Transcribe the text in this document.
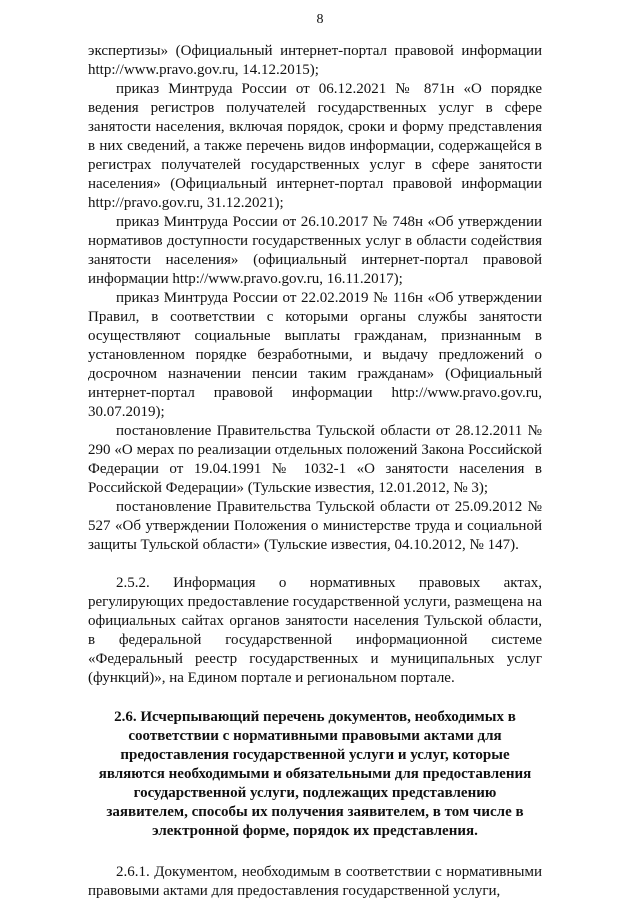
8

экспертизы» (Официальный интернет-портал правовой информации http://www.pravo.gov.ru, 14.12.2015);

приказ Минтруда России от 06.12.2021 № 871н «О порядке ведения регистров получателей государственных услуг в сфере занятости населения, включая порядок, сроки и форму представления в них сведений, а также перечень видов информации, содержащейся в регистрах получателей государственных услуг в сфере занятости населения» (Официальный интернет-портал правовой информации http://pravo.gov.ru, 31.12.2021);

приказ Минтруда России от 26.10.2017 № 748н «Об утверждении нормативов доступности государственных услуг в области содействия занятости населения» (официальный интернет-портал правовой информации http://www.pravo.gov.ru, 16.11.2017);

приказ Минтруда России от 22.02.2019 № 116н «Об утверждении Правил, в соответствии с которыми органы службы занятости осуществляют социальные выплаты гражданам, признанным в установленном порядке безработными, и выдачу предложений о досрочном назначении пенсии таким гражданам» (Официальный интернет-портал правовой информации http://www.pravo.gov.ru, 30.07.2019);

постановление Правительства Тульской области от 28.12.2011 № 290 «О мерах по реализации отдельных положений Закона Российской Федерации от 19.04.1991 № 1032-1 «О занятости населения в Российской Федерации» (Тульские известия, 12.01.2012, № 3);

постановление Правительства Тульской области от 25.09.2012 № 527 «Об утверждении Положения о министерстве труда и социальной защиты Тульской области» (Тульские известия, 04.10.2012, № 147).

2.5.2. Информация о нормативных правовых актах, регулирующих предоставление государственной услуги, размещена на официальных сайтах органов занятости населения Тульской области, в федеральной государственной информационной системе «Федеральный реестр государственных и муниципальных услуг (функций)», на Едином портале и региональном портале.

2.6. Исчерпывающий перечень документов, необходимых в соответствии с нормативными правовыми актами для предоставления государственной услуги и услуг, которые являются необходимыми и обязательными для предоставления государственной услуги, подлежащих представлению заявителем, способы их получения заявителем, в том числе в электронной форме, порядок их представления.

2.6.1. Документом, необходимым в соответствии с нормативными правовыми актами для предоставления государственной услуги,
